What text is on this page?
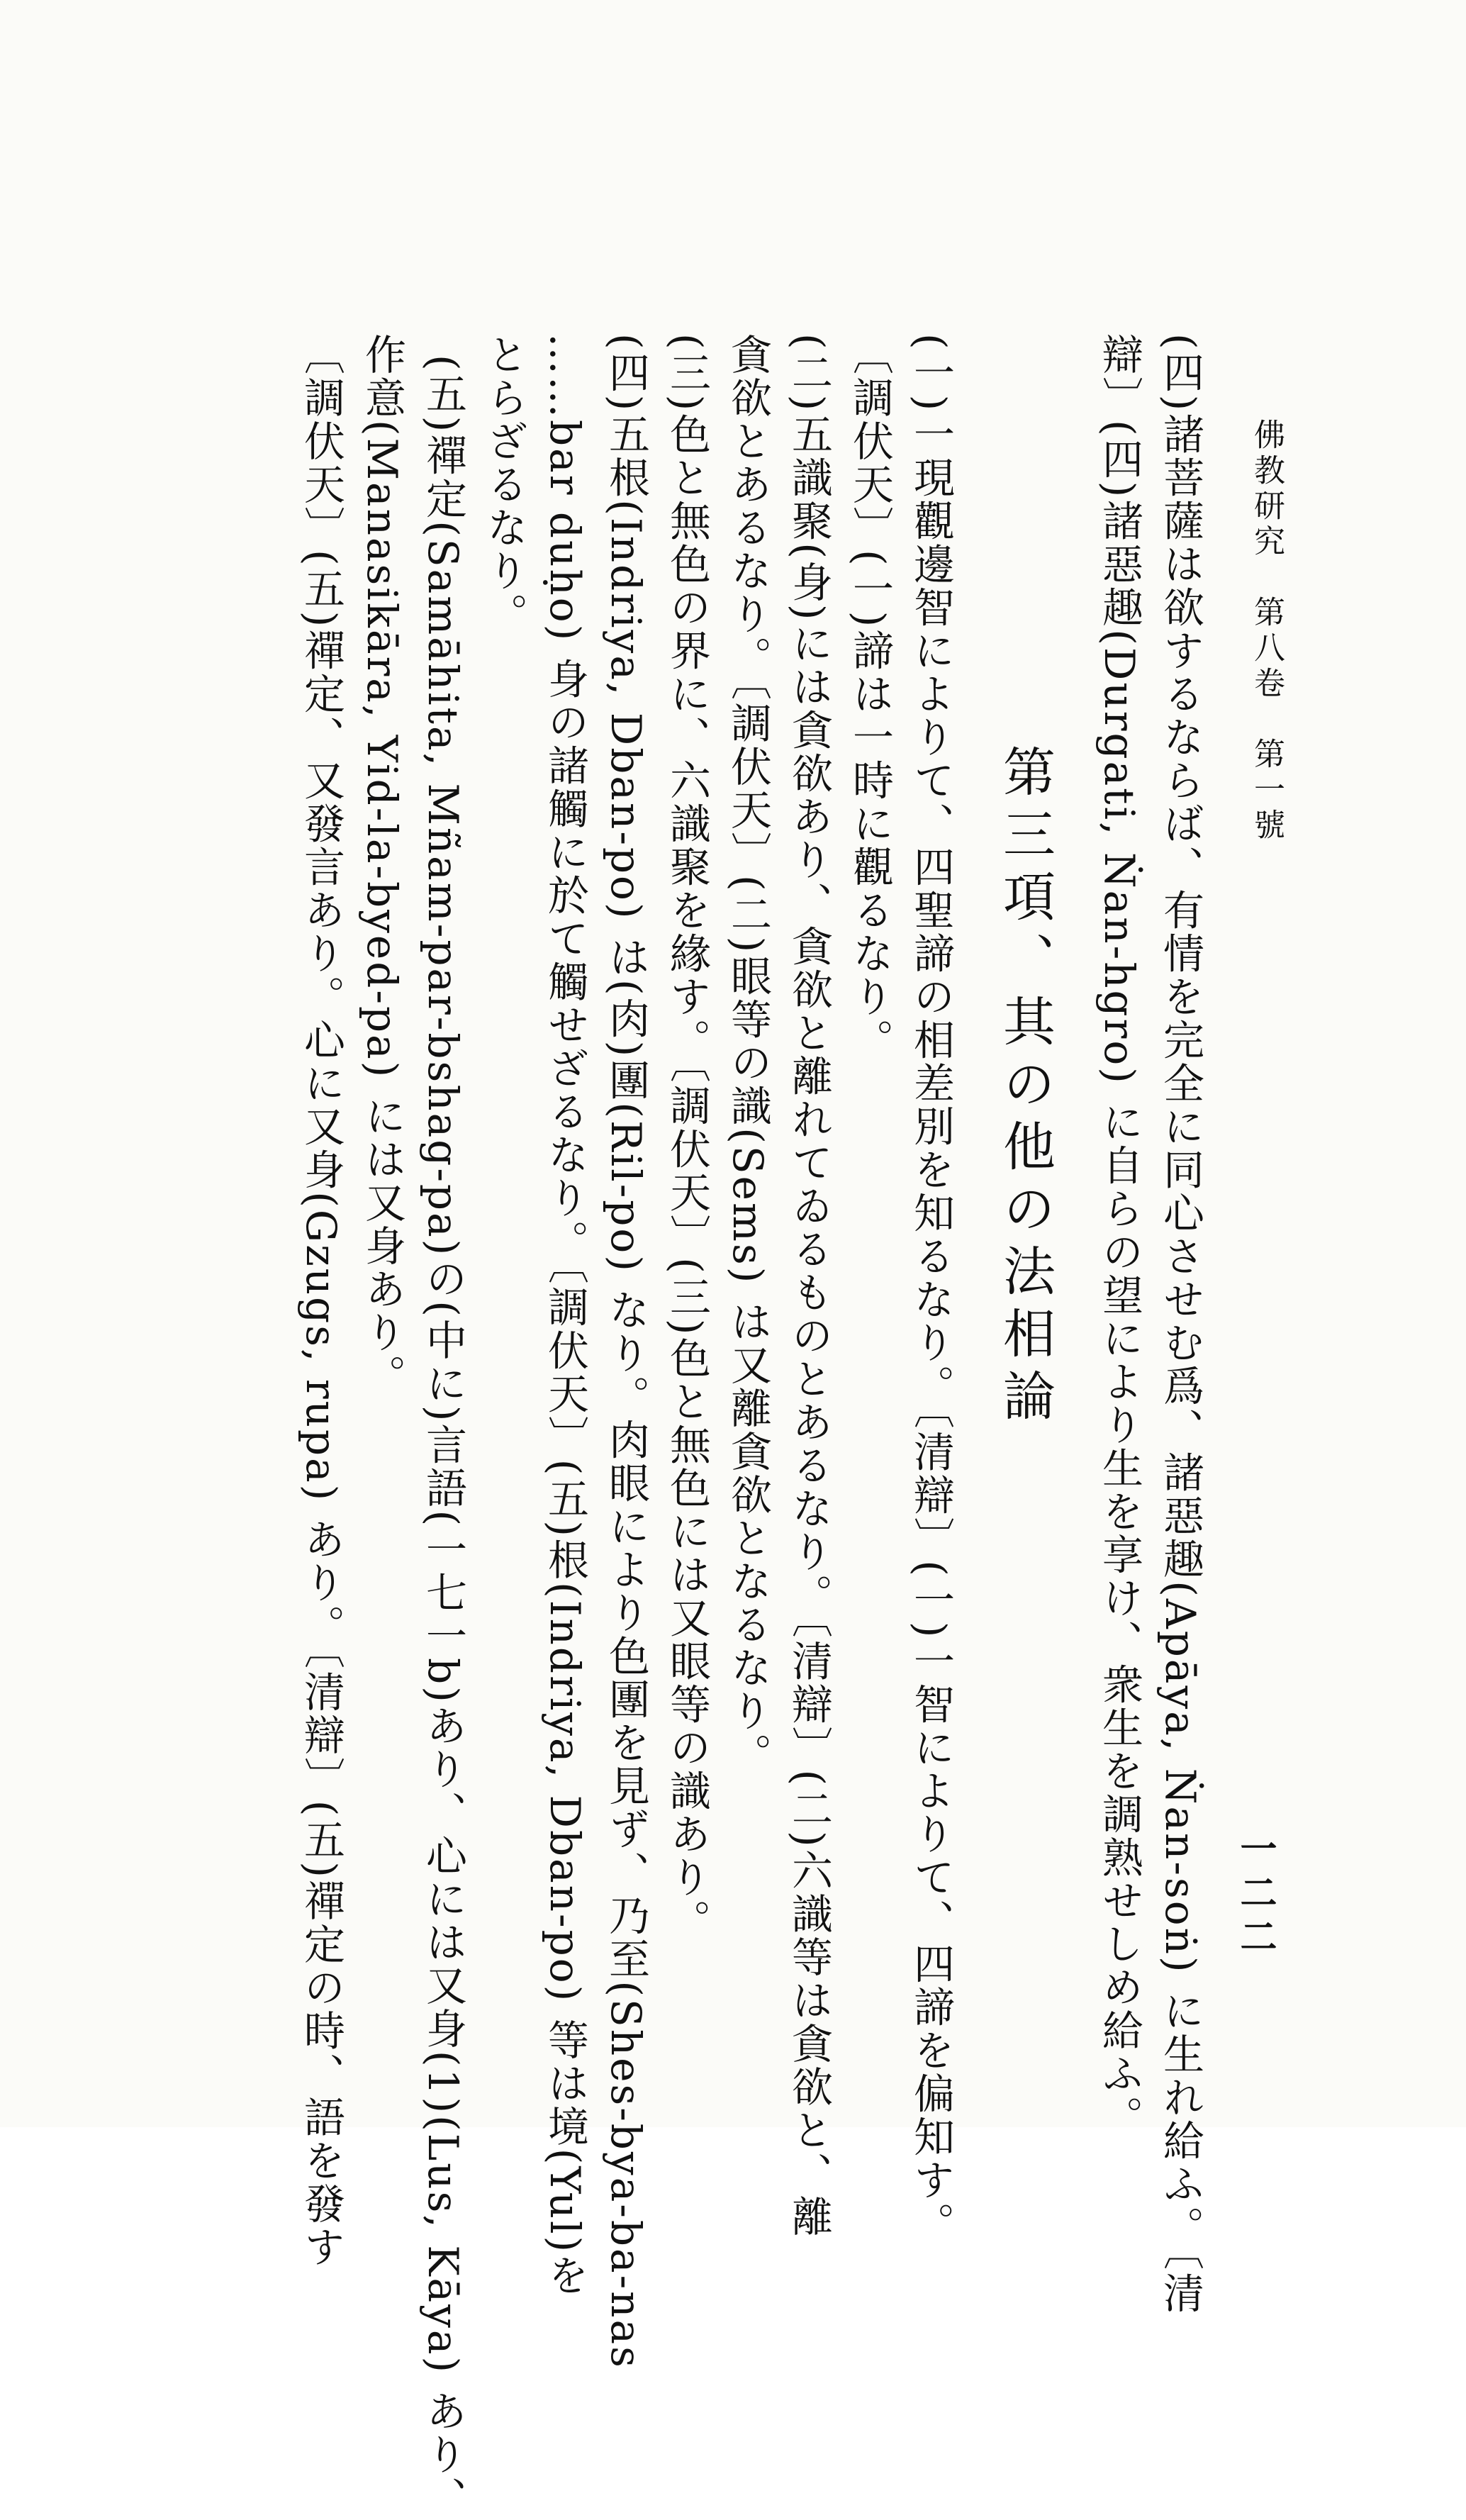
佛教研究　第八卷　第一號
一二二
(四)諸菩薩は欲するならば、有情を完全に同心させむ爲、諸惡趣(Apāya, Ṅan-soṅ) に生れ給ふ。〔清
辯〕(四)諸惡趣(Durgati, Ṅan-hgro) に自らの望により生を享け、衆生を調熟せしめ給ふ。
第三項、其の他の法相論
(一)一現觀邊智によりて、四聖諦の相差別を知るなり。〔清辯〕(一)一智によりて、四諦を偏知す。
〔調伏天〕(一)諦は一時に觀るなり。
(二)五識聚(身)には貪欲あり、貪欲と離れてゐるものとあるなり。〔清辯〕(二)六識等は貪欲と、離
貪欲とあるなり。〔調伏天〕(二)眼等の識(Sems) は又離貪欲となるなり。
(三)色と無色の界に、六識聚を緣す。〔調伏天〕(三)色と無色には又眼等の識あり。
(四)五根(Indriya, Dban-po) は(肉)團(Ril-po) なり。肉眼により色團を見ず、乃至(Shes-bya-ba-nas
……bar duḥo) 身の諸觸に於て觸せざるなり。〔調伏天〕(五)根(Indriya, Dban-po) 等は境(Yul)を
とらざるなり。
(五)禪定(Samāhita, Mñam-par-bshag-pa)の(中に)言語(一七一b)あり、心には又身(1)(Lus, Kāya) あり、
作意(Manasikāra, Yid-la-byed-pa) には又身あり。
〔調伏天〕(五)禪定、又發言あり。心に又身(Gzugs, rupa) あり。〔清辯〕(五)禪定の時、語を發す
